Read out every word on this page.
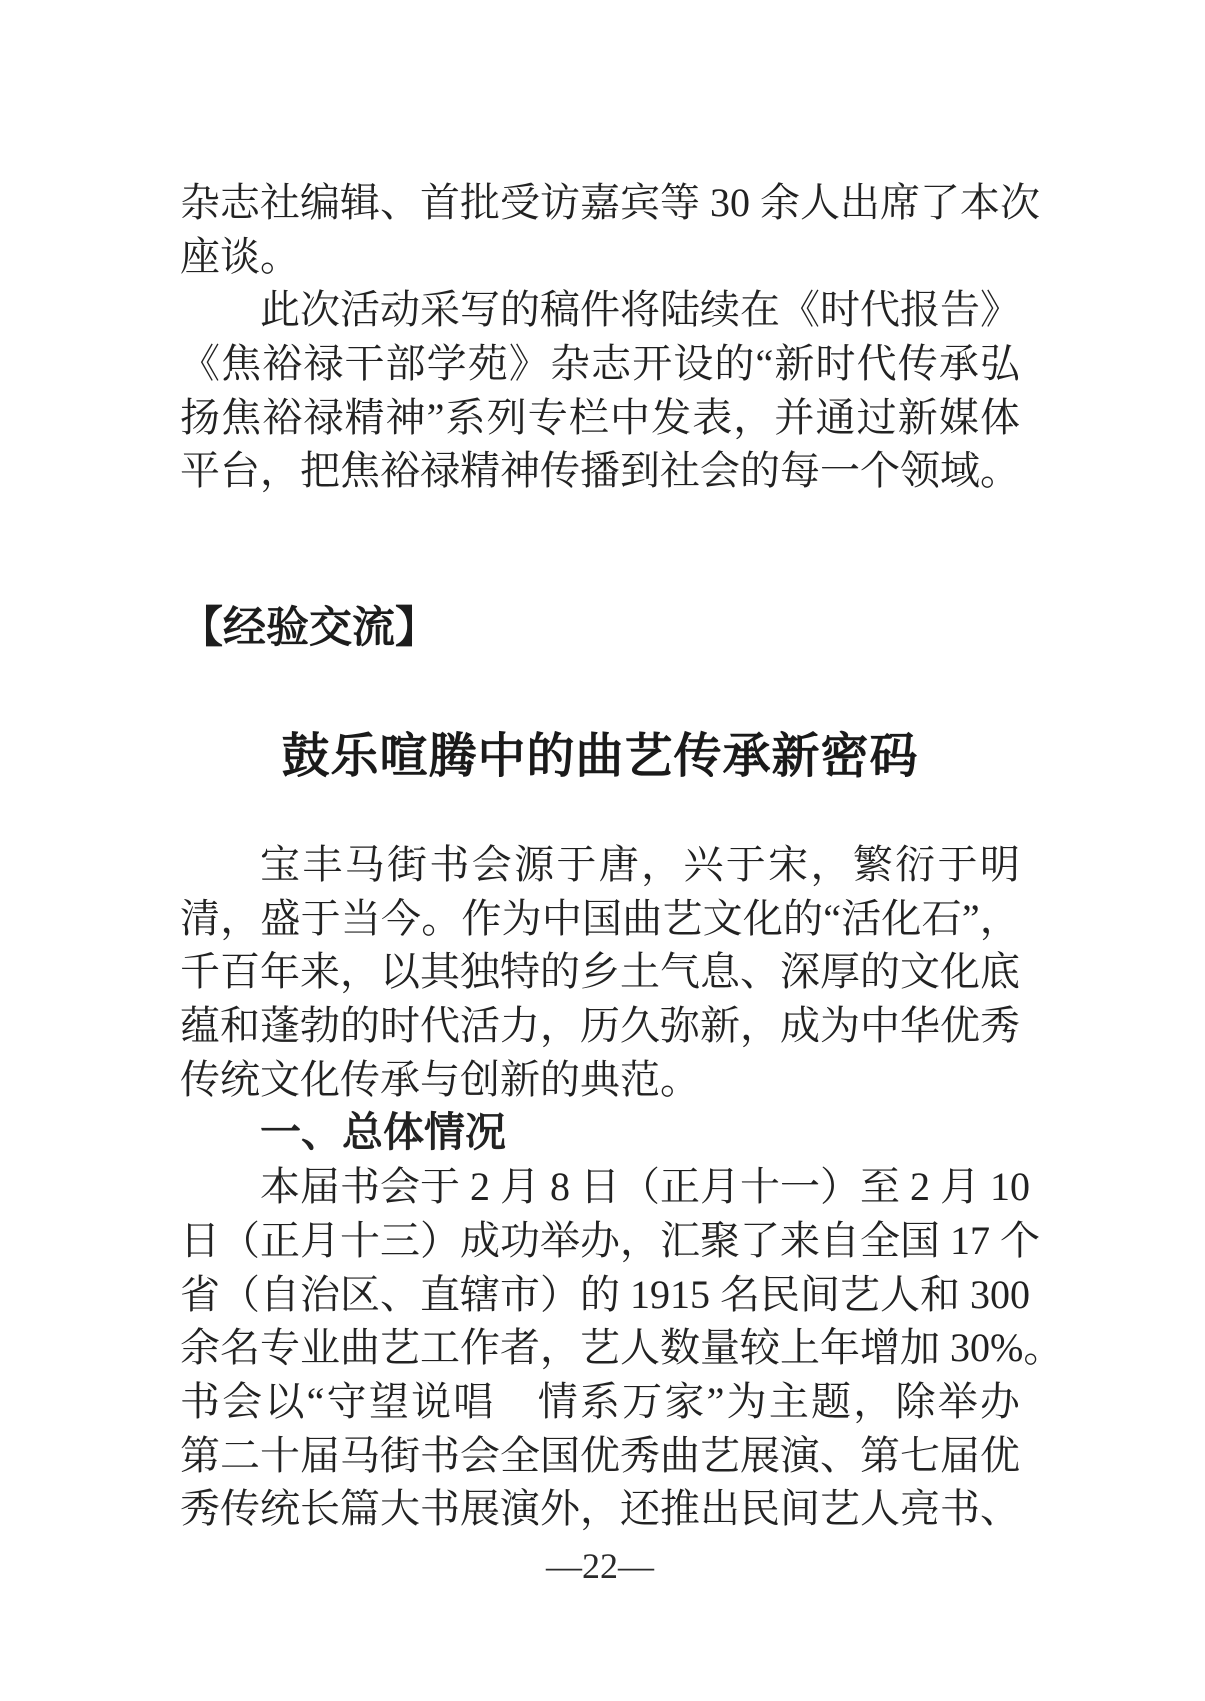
杂 志 社 编 辑 、 首 批 受 访 嘉 宾 等
3 0
余 人 出 席 了 本 次
座谈。
此 次 活 动 采 写 的 稿 件 将 陆 续 在 《 时 代 报 告 》
《 焦 裕 禄 干 部 学 苑 》 杂 志 开 设 的 “ 新 时 代 传 承 弘
扬 焦 裕 禄 精 神 ” 系 列 专 栏 中 发 表 ， 并 通 过 新 媒 体
平 台 ， 把 焦 裕 禄 精 神 传 播 到 社 会 的 每 一 个 领 域 。
【经验交流】
鼓乐喧腾中的曲艺传承新密码
宝 丰 马 街 书 会 源 于 唐 ， 兴 于 宋 ， 繁 衍 于 明
清 ， 盛 于 当 今 。 作 为 中 国 曲 艺 文 化 的 “ 活 化 石 ” ，
千 百 年 来 ， 以 其 独 特 的 乡 土 气 息 、 深 厚 的 文 化 底
蕴 和 蓬 勃 的 时 代 活 力 ， 历 久 弥 新 ， 成 为 中 华 优 秀
传统文化传承与创新的典范。
一、总体情况
本 届 书 会 于
2
月
8
日 （ 正 月 十 一 ） 至
2
月
1 0
日 （ 正 月 十 三 ） 成 功 举 办 ， 汇 聚 了 来 自 全 国
1 7
个
省 （ 自 治 区 、 直 辖 市 ） 的
1 9 1 5
名 民 间 艺 人 和
3 0 0
余 名 专 业 曲 艺 工 作 者 ， 艺 人 数 量 较 上 年 增 加
3 0 % 。
书 会 以 “ 守 望 说 唱
　 情 系 万 家 ” 为 主 题 ， 除 举 办
第 二 十 届 马 街 书 会 全 国 优 秀 曲 艺 展 演 、 第 七 届 优
秀 传 统 长 篇 大 书 展 演 外 ， 还 推 出 民 间 艺 人 亮 书 、
—22—
